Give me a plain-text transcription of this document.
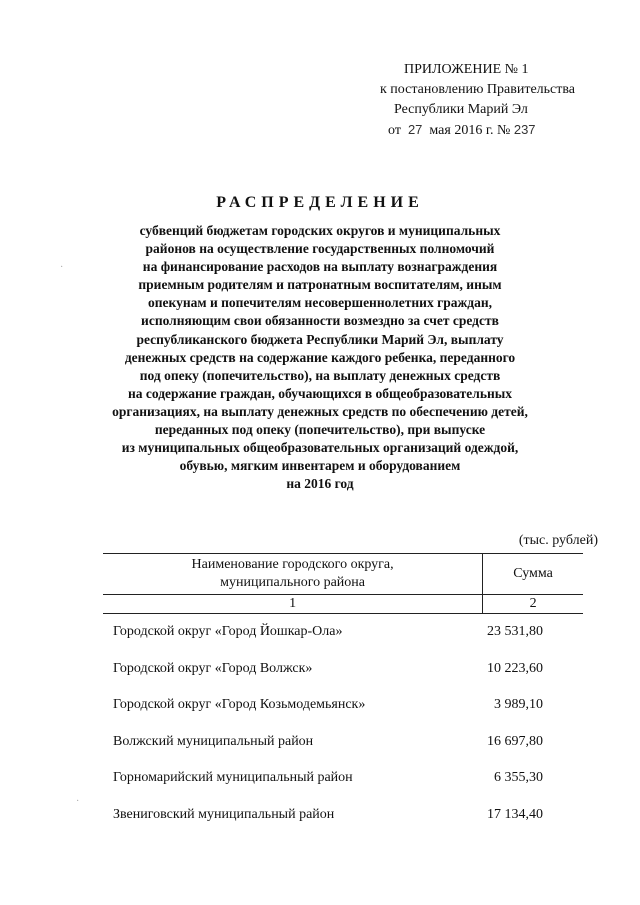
ПРИЛОЖЕНИЕ № 1
к постановлению Правительства
Республики Марий Эл
от 27 мая 2016 г. № 237
РАСПРЕДЕЛЕНИЕ
субвенций бюджетам городских округов и муниципальных
районов на осуществление государственных полномочий
на финансирование расходов на выплату вознаграждения
приемным родителям и патронатным воспитателям, иным
опекунам и попечителям несовершеннолетних граждан,
исполняющим свои обязанности возмездно за счет средств
республиканского бюджета Республики Марий Эл, выплату
денежных средств на содержание каждого ребенка, переданного
под опеку (попечительство), на выплату денежных средств
на содержание граждан, обучающихся в общеобразовательных
организациях, на выплату денежных средств по обеспечению детей,
переданных под опеку (попечительство), при выпуске
из муниципальных общеобразовательных организаций одеждой,
обувью, мягким инвентарем и оборудованием
на 2016 год
(тыс. рублей)
Наименование городского округа,
муниципального района	Сумма
1	2
Городской округ «Город Йошкар-Ола»	23 531,80
Городской округ «Город Волжск»	10 223,60
Городской округ «Город Козьмодемьянск»	3 989,10
Волжский муниципальный район	16 697,80
Горномарийский муниципальный район	6 355,30
Звениговский муниципальный район	17 134,40
·
·
